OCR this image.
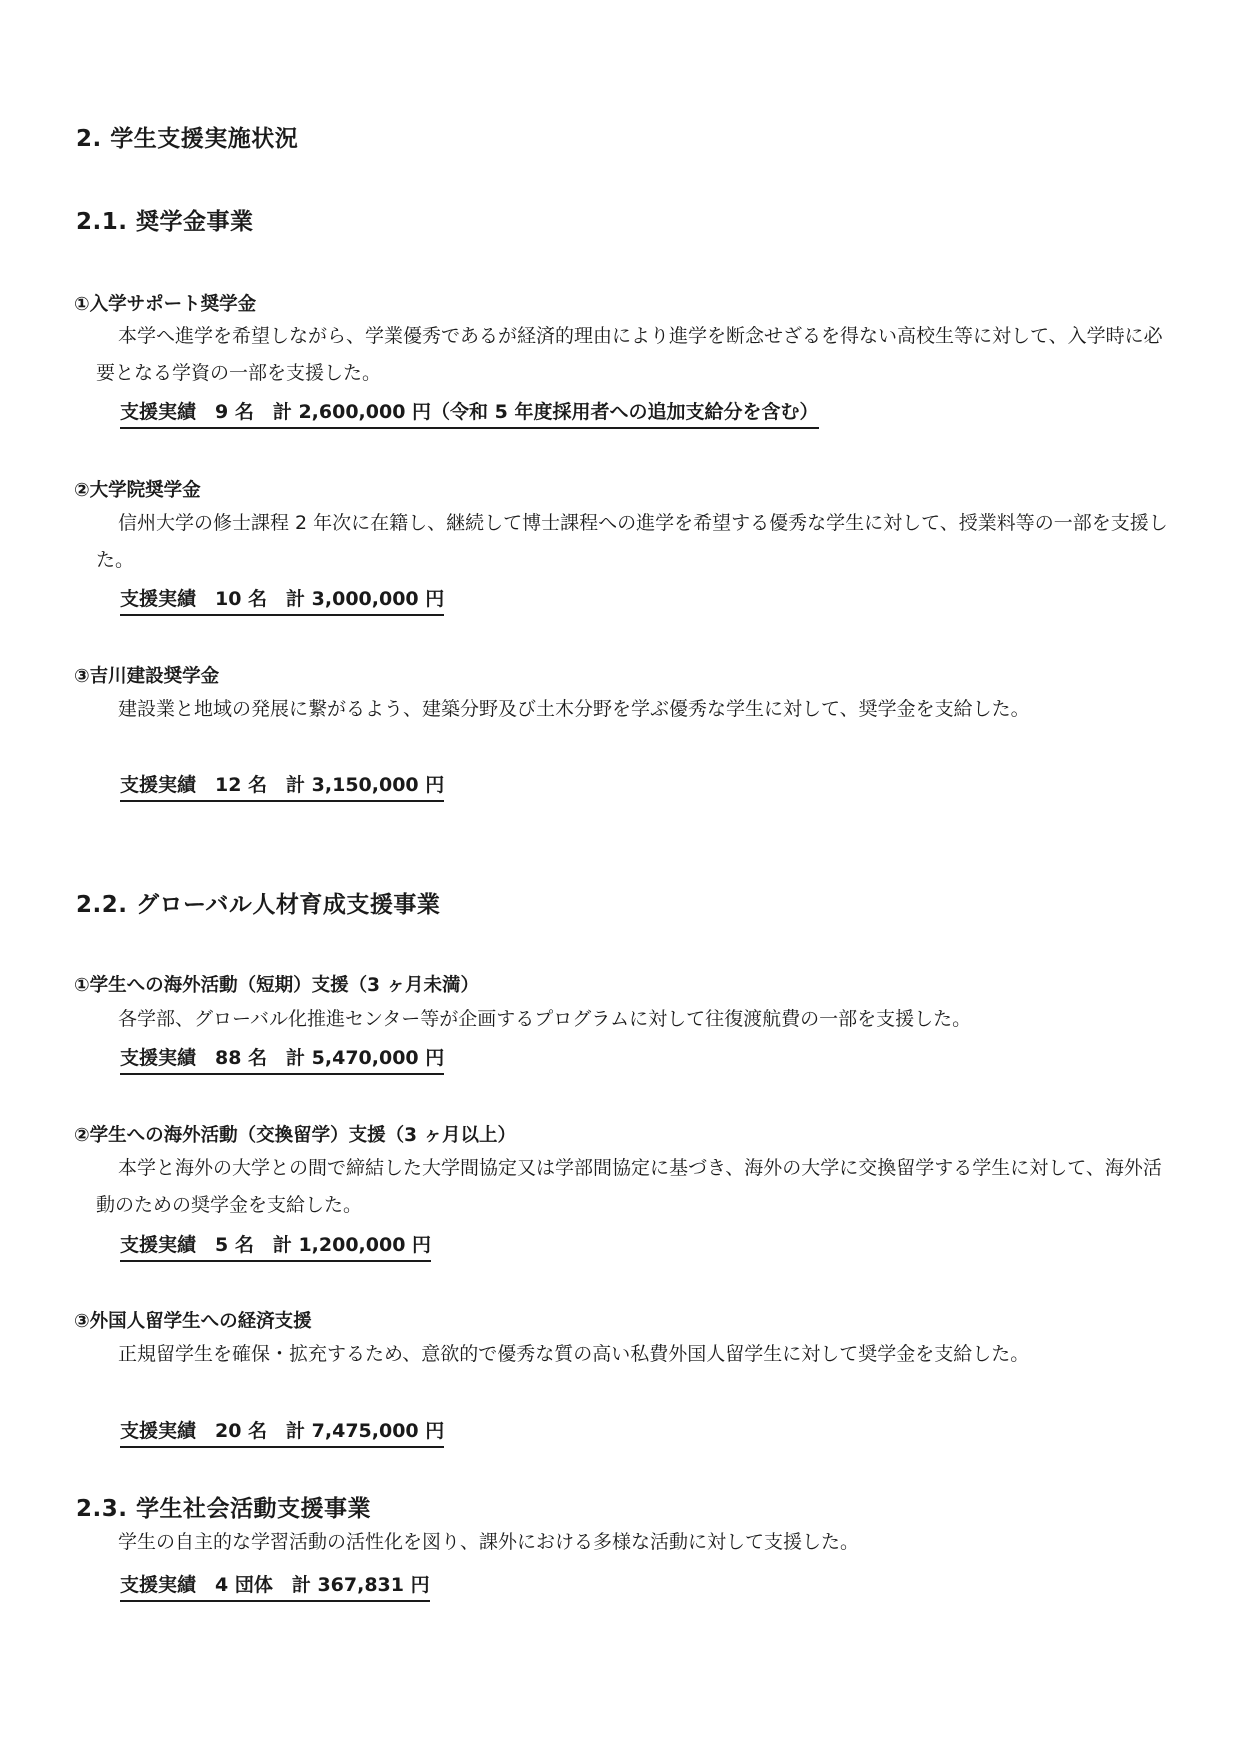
2. 学生支援実施状況
2.1. 奨学金事業
①入学サポート奨学金
本学へ進学を希望しながら、学業優秀であるが経済的理由により進学を断念せざるを得ない高校生等に対して、入学時に必要となる学資の一部を支援した。
支援実績　9 名　計 2,600,000 円（令和 5 年度採用者への追加支給分を含む）
②大学院奨学金
信州大学の修士課程 2 年次に在籍し、継続して博士課程への進学を希望する優秀な学生に対して、授業料等の一部を支援した。
支援実績　10 名　計 3,000,000 円
③吉川建設奨学金
建設業と地域の発展に繋がるよう、建築分野及び土木分野を学ぶ優秀な学生に対して、奨学金を支給した。
支援実績　12 名　計 3,150,000 円
2.2. グローバル人材育成支援事業
①学生への海外活動（短期）支援（3 ヶ月未満）
各学部、グローバル化推進センター等が企画するプログラムに対して往復渡航費の一部を支援した。
支援実績　88 名　計 5,470,000 円
②学生への海外活動（交換留学）支援（3 ヶ月以上）
本学と海外の大学との間で締結した大学間協定又は学部間協定に基づき、海外の大学に交換留学する学生に対して、海外活動のための奨学金を支給した。
支援実績　5 名　計 1,200,000 円
③外国人留学生への経済支援
正規留学生を確保・拡充するため、意欲的で優秀な質の高い私費外国人留学生に対して奨学金を支給した。
支援実績　20 名　計 7,475,000 円
2.3. 学生社会活動支援事業
学生の自主的な学習活動の活性化を図り、課外における多様な活動に対して支援した。
支援実績　4 団体　計 367,831 円
